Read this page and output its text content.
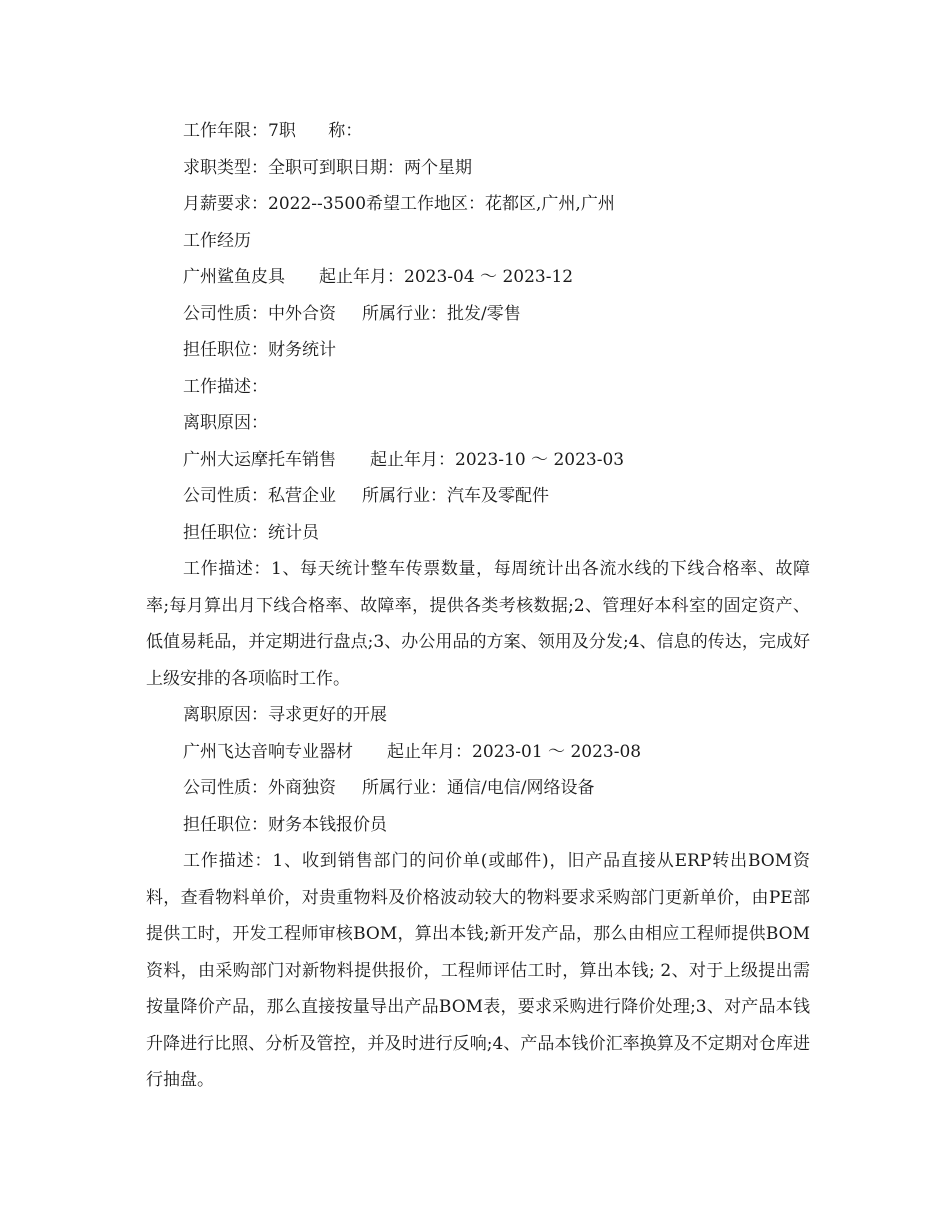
工作年限：7职      称：
求职类型：全职可到职日期：两个星期
月薪要求：2022--3500希望工作地区：花都区,广州,广州
工作经历
广州鲨鱼皮具 起止年月：2023-04 ～ 2023-12
公司性质：中外合资 所属行业：批发/零售
担任职位：财务统计
工作描述：
离职原因：
广州大运摩托车销售 起止年月：2023-10 ～ 2023-03
公司性质：私营企业 所属行业：汽车及零配件
担任职位：统计员
工作描述：1、每天统计整车传票数量，每周统计出各流水线的下线合格率、故障率;每月算出月下线合格率、故障率，提供各类考核数据;2、管理好本科室的固定资产、低值易耗品，并定期进行盘点;3、办公用品的方案、领用及分发;4、信息的传达，完成好上级安排的各项临时工作。
离职原因：寻求更好的开展
广州飞达音响专业器材 起止年月：2023-01 ～ 2023-08
公司性质：外商独资 所属行业：通信/电信/网络设备
担任职位：财务本钱报价员
工作描述：1、收到销售部门的问价单(或邮件)，旧产品直接从ERP转出BOM资料，查看物料单价，对贵重物料及价格波动较大的物料要求采购部门更新单价，由PE部提供工时，开发工程师审核BOM，算出本钱;新开发产品，那么由相应工程师提供BOM资料，由采购部门对新物料提供报价，工程师评估工时，算出本钱; 2、对于上级提出需按量降价产品，那么直接按量导出产品BOM表，要求采购进行降价处理;3、对产品本钱升降进行比照、分析及管控，并及时进行反响;4、产品本钱价汇率换算及不定期对仓库进行抽盘。
